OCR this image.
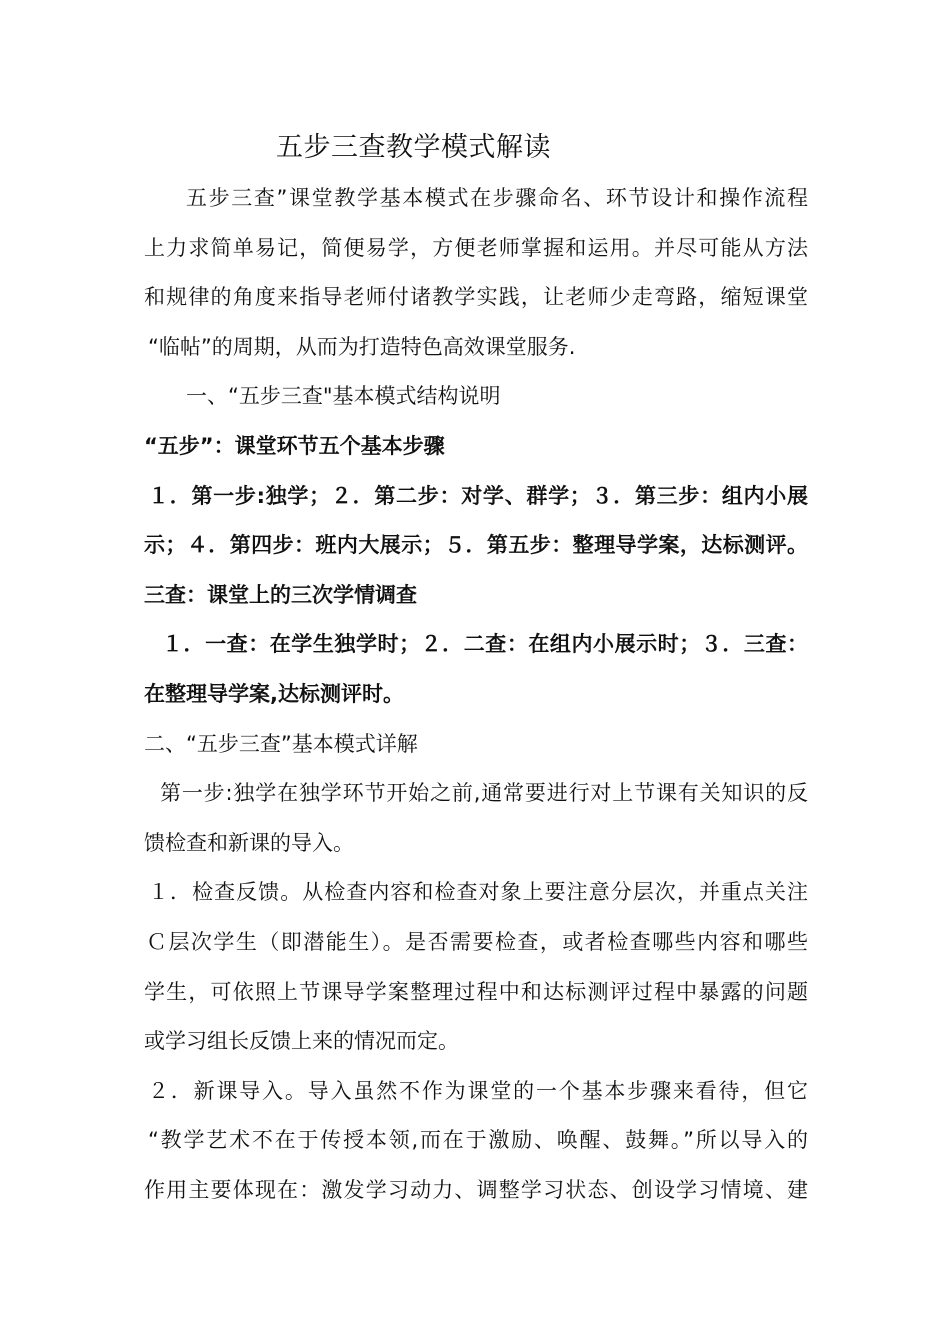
五步三查教学模式解读
五步三查”课堂教学基本模式在步骤命名、环节设计和操作流程
上力求简单易记，简便易学，方便老师掌握和运用。并尽可能从方法
和规律的角度来指导老师付诸教学实践，让老师少走弯路，缩短课堂
“临帖”的周期，从而为打造特色高效课堂服务.
一、“五步三查"基本模式结构说明
“五步”：课堂环节五个基本步骤
１．第一步:独学；２．第二步：对学、群学；３．第三步：组内小展
示；４．第四步：班内大展示；５．第五步：整理导学案，达标测评。
三查：课堂上的三次学情调查
１．一查：在学生独学时；２．二查：在组内小展示时；３．三查：
在整理导学案,达标测评时。
二、“五步三查”基本模式详解
第一步:独学在独学环节开始之前,通常要进行对上节课有关知识的反
馈检查和新课的导入。
１．检查反馈。从检查内容和检查对象上要注意分层次，并重点关注
Ｃ层次学生（即潜能生）。是否需要检查，或者检查哪些内容和哪些
学生，可依照上节课导学案整理过程中和达标测评过程中暴露的问题
或学习组长反馈上来的情况而定。
２．新课导入。导入虽然不作为课堂的一个基本步骤来看待，但它
“教学艺术不在于传授本领,而在于激励、唤醒、鼓舞。”所以导入的
作用主要体现在：激发学习动力、调整学习状态、创设学习情境、建
